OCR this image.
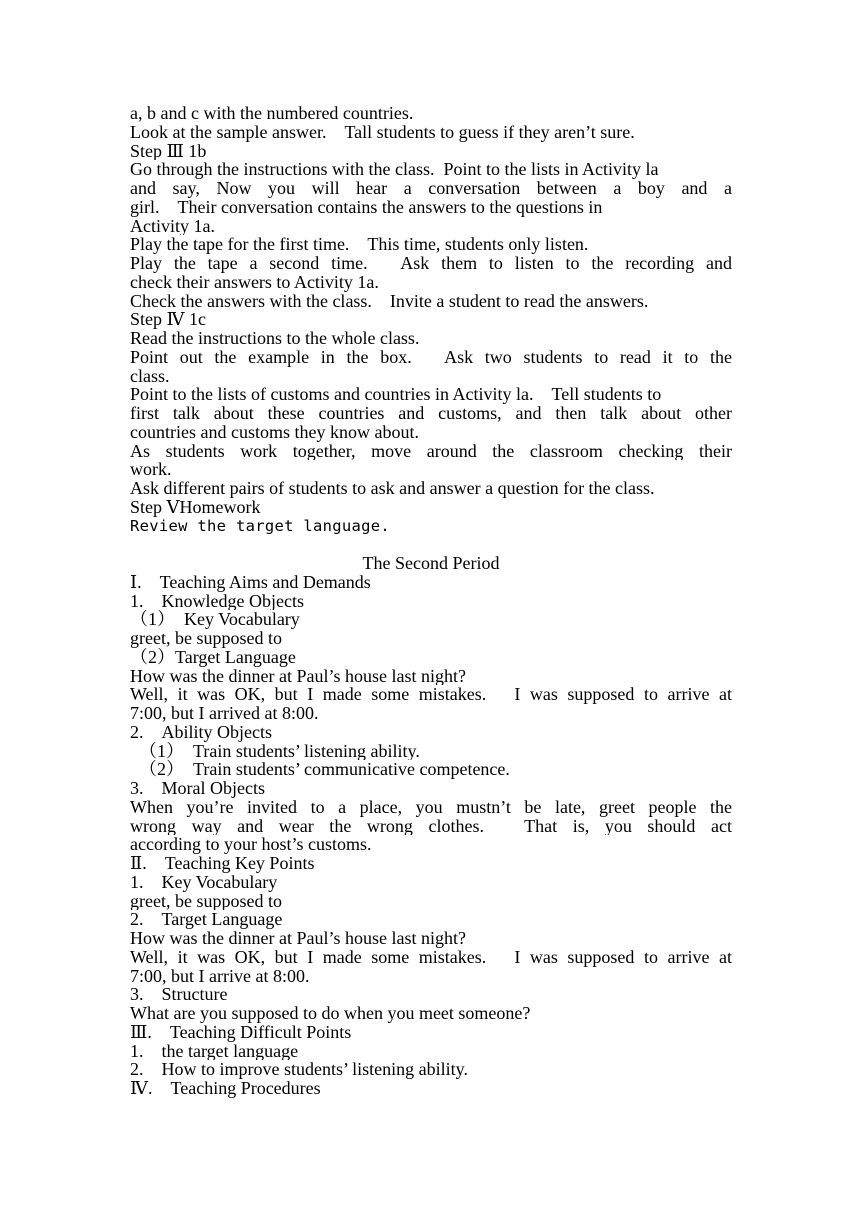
a, b and c with the numbered countries.
Look at the sample answer.　Tall students to guess if they aren’t sure.
Step Ⅲ 1b
Go through the instructions with the class.  Point to the lists in Activity la
and say, Now you will hear a conversation between a boy and a
girl.　Their conversation contains the answers to the questions in
Activity 1a.
Play the tape for the first time.　This time, students only listen.
Play the tape a second time.　Ask them to listen to the recording and
check their answers to Activity 1a.
Check the answers with the class.　Invite a student to read the answers.
Step Ⅳ 1c
Read the instructions to the whole class.
Point out the example in the box.　Ask two students to read it to the
class.
Point to the lists of customs and countries in Activity la.　Tell students to
first talk about these countries and customs, and then talk about other
countries and customs they know about.
As students work together, move around the classroom checking their
work.
Ask different pairs of students to ask and answer a question for the class.
Step ⅤHomework
Review the target language.
The Second Period
Ⅰ.　Teaching Aims and Demands
1.　Knowledge Objects
（1）  Key Vocabulary
greet, be supposed to
（2）Target Language
How was the dinner at Paul’s house last night?
Well, it was OK, but I made some mistakes.　I was supposed to arrive at
7:00, but I arrived at 8:00.
2.　Ability Objects
（1）  Train students’ listening ability.
（2）  Train students’ communicative competence.
3.　Moral Objects
When you’re invited to a place, you mustn’t be late, greet people the
wrong way and wear the wrong clothes.　That is, you should act
according to your host’s customs.
Ⅱ.　Teaching Key Points
1.　Key Vocabulary
greet, be supposed to
2.　Target Language
How was the dinner at Paul’s house last night?
Well, it was OK, but I made some mistakes.　I was supposed to arrive at
7:00, but I arrive at 8:00.
3.　Structure
What are you supposed to do when you meet someone?
Ⅲ.　Teaching Difficult Points
1.　the target language
2.　How to improve students’ listening ability.
Ⅳ.　Teaching Procedures
